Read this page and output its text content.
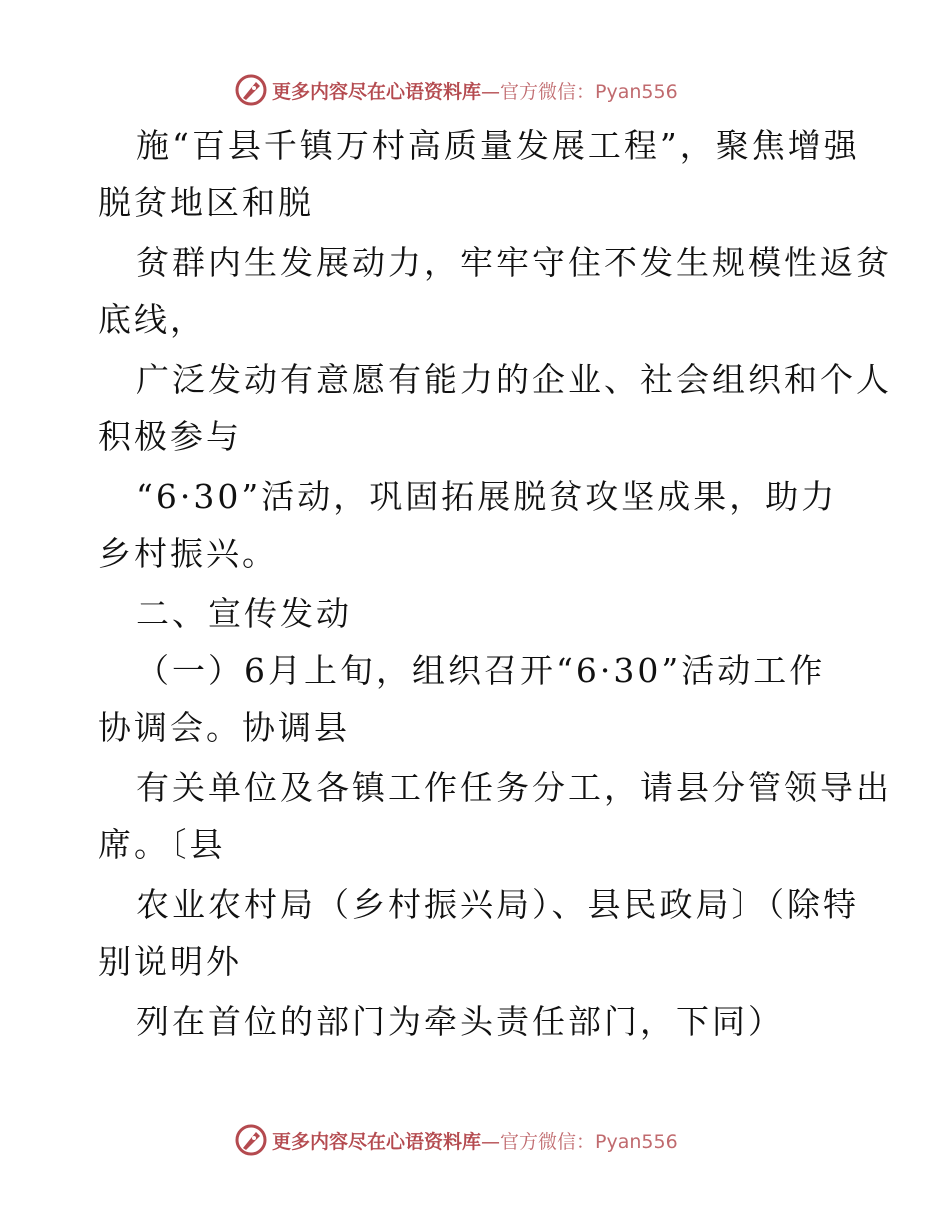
更多内容尽在心语资料库—官方微信：Pyan556
施“百县千镇万村高质量发展工程”，聚焦增强
脱贫地区和脱
贫群内生发展动力，牢牢守住不发生规模性返贫
底线，
广泛发动有意愿有能力的企业、社会组织和个人
积极参与
“6·30”活动，巩固拓展脱贫攻坚成果，助力
乡村振兴。
二、宣传发动
（一）6月上旬，组织召开“6·30”活动工作
协调会。协调县
有关单位及各镇工作任务分工，请县分管领导出
席。〔县
农业农村局（乡村振兴局）、县民政局〕（除特
别说明外
列在首位的部门为牵头责任部门，下同）
更多内容尽在心语资料库—官方微信：Pyan556
